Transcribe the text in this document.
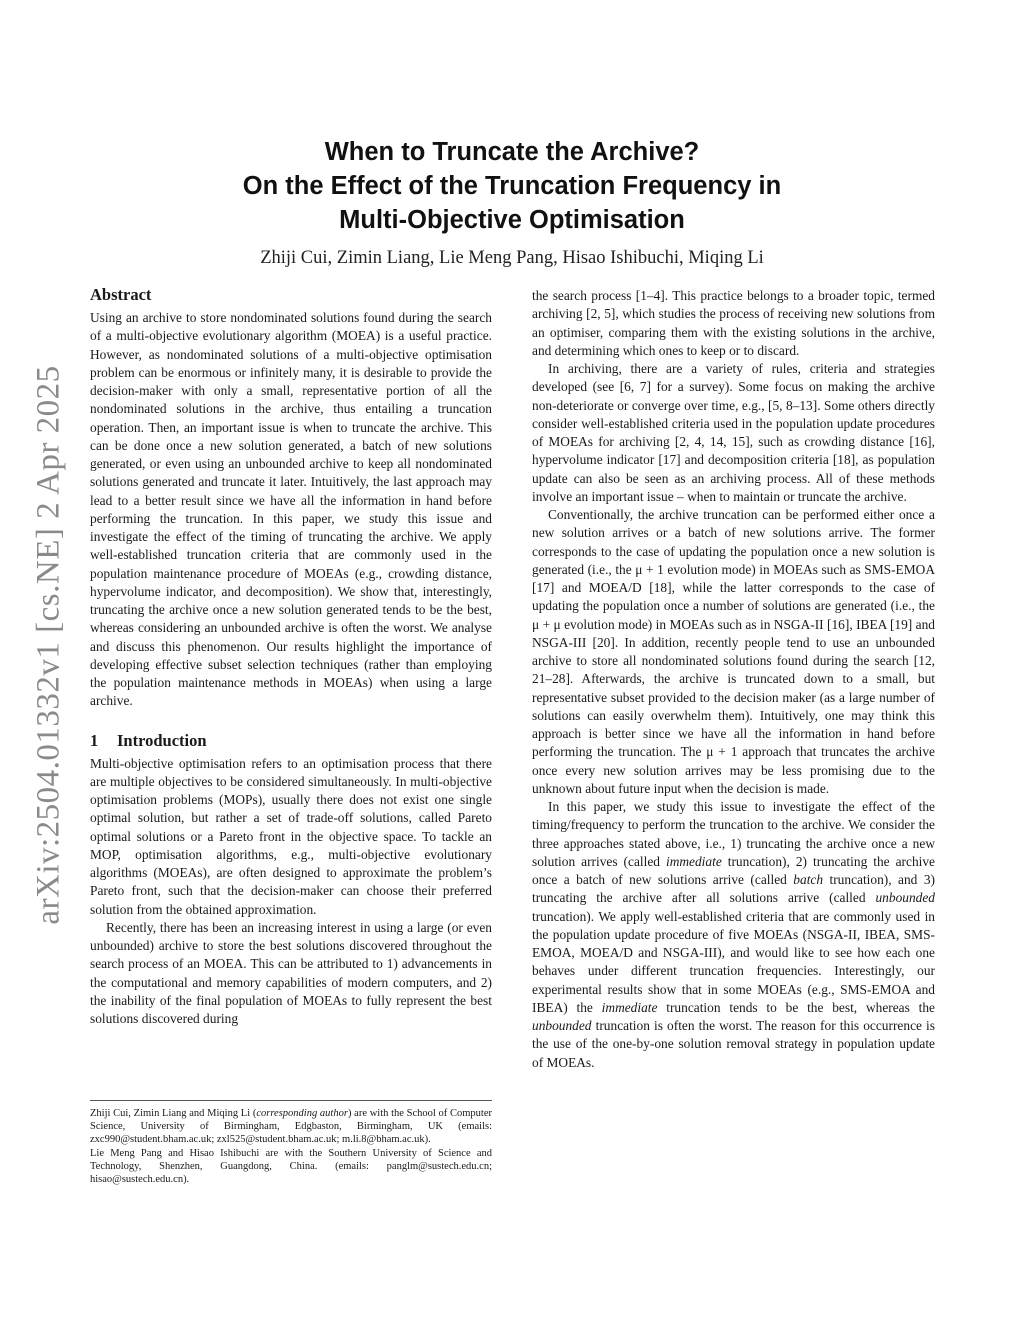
arXiv:2504.01332v1 [cs.NE] 2 Apr 2025
When to Truncate the Archive?
On the Effect of the Truncation Frequency in
Multi-Objective Optimisation
Zhiji Cui, Zimin Liang, Lie Meng Pang, Hisao Ishibuchi, Miqing Li
Abstract

Using an archive to store nondominated solutions found during the search of a multi-objective evolutionary algorithm (MOEA) is a useful practice. However, as nondominated solutions of a multi-objective optimisation problem can be enormous or infinitely many, it is desirable to provide the decision-maker with only a small, representative portion of all the nondominated solutions in the archive, thus entailing a truncation operation. Then, an important issue is when to truncate the archive. This can be done once a new solution generated, a batch of new solutions generated, or even using an unbounded archive to keep all nondominated solutions generated and truncate it later. Intuitively, the last approach may lead to a better result since we have all the information in hand before performing the truncation. In this paper, we study this issue and investigate the effect of the timing of truncating the archive. We apply well-established truncation criteria that are commonly used in the population maintenance procedure of MOEAs (e.g., crowding distance, hypervolume indicator, and decomposition). We show that, interestingly, truncating the archive once a new solution generated tends to be the best, whereas considering an unbounded archive is often the worst. We analyse and discuss this phenomenon. Our results highlight the importance of developing effective subset selection techniques (rather than employing the population maintenance methods in MOEAs) when using a large archive.

1 Introduction

Multi-objective optimisation refers to an optimisation process that there are multiple objectives to be considered simultaneously. In multi-objective optimisation problems (MOPs), usually there does not exist one single optimal solution, but rather a set of trade-off solutions, called Pareto optimal solutions or a Pareto front in the objective space. To tackle an MOP, optimisation algorithms, e.g., multi-objective evolutionary algorithms (MOEAs), are often designed to approximate the problem’s Pareto front, such that the decision-maker can choose their preferred solution from the obtained approximation.

Recently, there has been an increasing interest in using a large (or even unbounded) archive to store the best solutions discovered throughout the search process of an MOEA. This can be attributed to 1) advancements in the computational and memory capabilities of modern computers, and 2) the inability of the final population of MOEAs to fully represent the best solutions discovered during

Zhiji Cui, Zimin Liang and Miqing Li (corresponding author) are with the School of Computer Science, University of Birmingham, Edgbaston, Birmingham, UK (emails: zxc990@student.bham.ac.uk; zxl525@student.bham.ac.uk; m.li.8@bham.ac.uk).

Lie Meng Pang and Hisao Ishibuchi are with the Southern University of Science and Technology, Shenzhen, Guangdong, China. (emails: panglm@sustech.edu.cn; hisao@sustech.edu.cn).

the search process [1–4]. This practice belongs to a broader topic, termed archiving [2, 5], which studies the process of receiving new solutions from an optimiser, comparing them with the existing solutions in the archive, and determining which ones to keep or to discard.

In archiving, there are a variety of rules, criteria and strategies developed (see [6, 7] for a survey). Some focus on making the archive non-deteriorate or converge over time, e.g., [5, 8–13]. Some others directly consider well-established criteria used in the population update procedures of MOEAs for archiving [2, 4, 14, 15], such as crowding distance [16], hypervolume indicator [17] and decomposition criteria [18], as population update can also be seen as an archiving process. All of these methods involve an important issue – when to maintain or truncate the archive.

Conventionally, the archive truncation can be performed either once a new solution arrives or a batch of new solutions arrive. The former corresponds to the case of updating the population once a new solution is generated (i.e., the μ + 1 evolution mode) in MOEAs such as SMS-EMOA [17] and MOEA/D [18], while the latter corresponds to the case of updating the population once a number of solutions are generated (i.e., the μ + μ evolution mode) in MOEAs such as in NSGA-II [16], IBEA [19] and NSGA-III [20]. In addition, recently people tend to use an unbounded archive to store all nondominated solutions found during the search [12, 21–28]. Afterwards, the archive is truncated down to a small, but representative subset provided to the decision maker (as a large number of solutions can easily overwhelm them). Intuitively, one may think this approach is better since we have all the information in hand before performing the truncation. The μ + 1 approach that truncates the archive once every new solution arrives may be less promising due to the unknown about future input when the decision is made.

In this paper, we study this issue to investigate the effect of the timing/frequency to perform the truncation to the archive. We consider the three approaches stated above, i.e., 1) truncating the archive once a new solution arrives (called immediate truncation), 2) truncating the archive once a batch of new solutions arrive (called batch truncation), and 3) truncating the archive after all solutions arrive (called unbounded truncation). We apply well-established criteria that are commonly used in the population update procedure of five MOEAs (NSGA-II, IBEA, SMS-EMOA, MOEA/D and NSGA-III), and would like to see how each one behaves under different truncation frequencies. Interestingly, our experimental results show that in some MOEAs (e.g., SMS-EMOA and IBEA) the immediate truncation tends to be the best, whereas the unbounded truncation is often the worst. The reason for this occurrence is the use of the one-by-one solution removal strategy in population update of MOEAs.
